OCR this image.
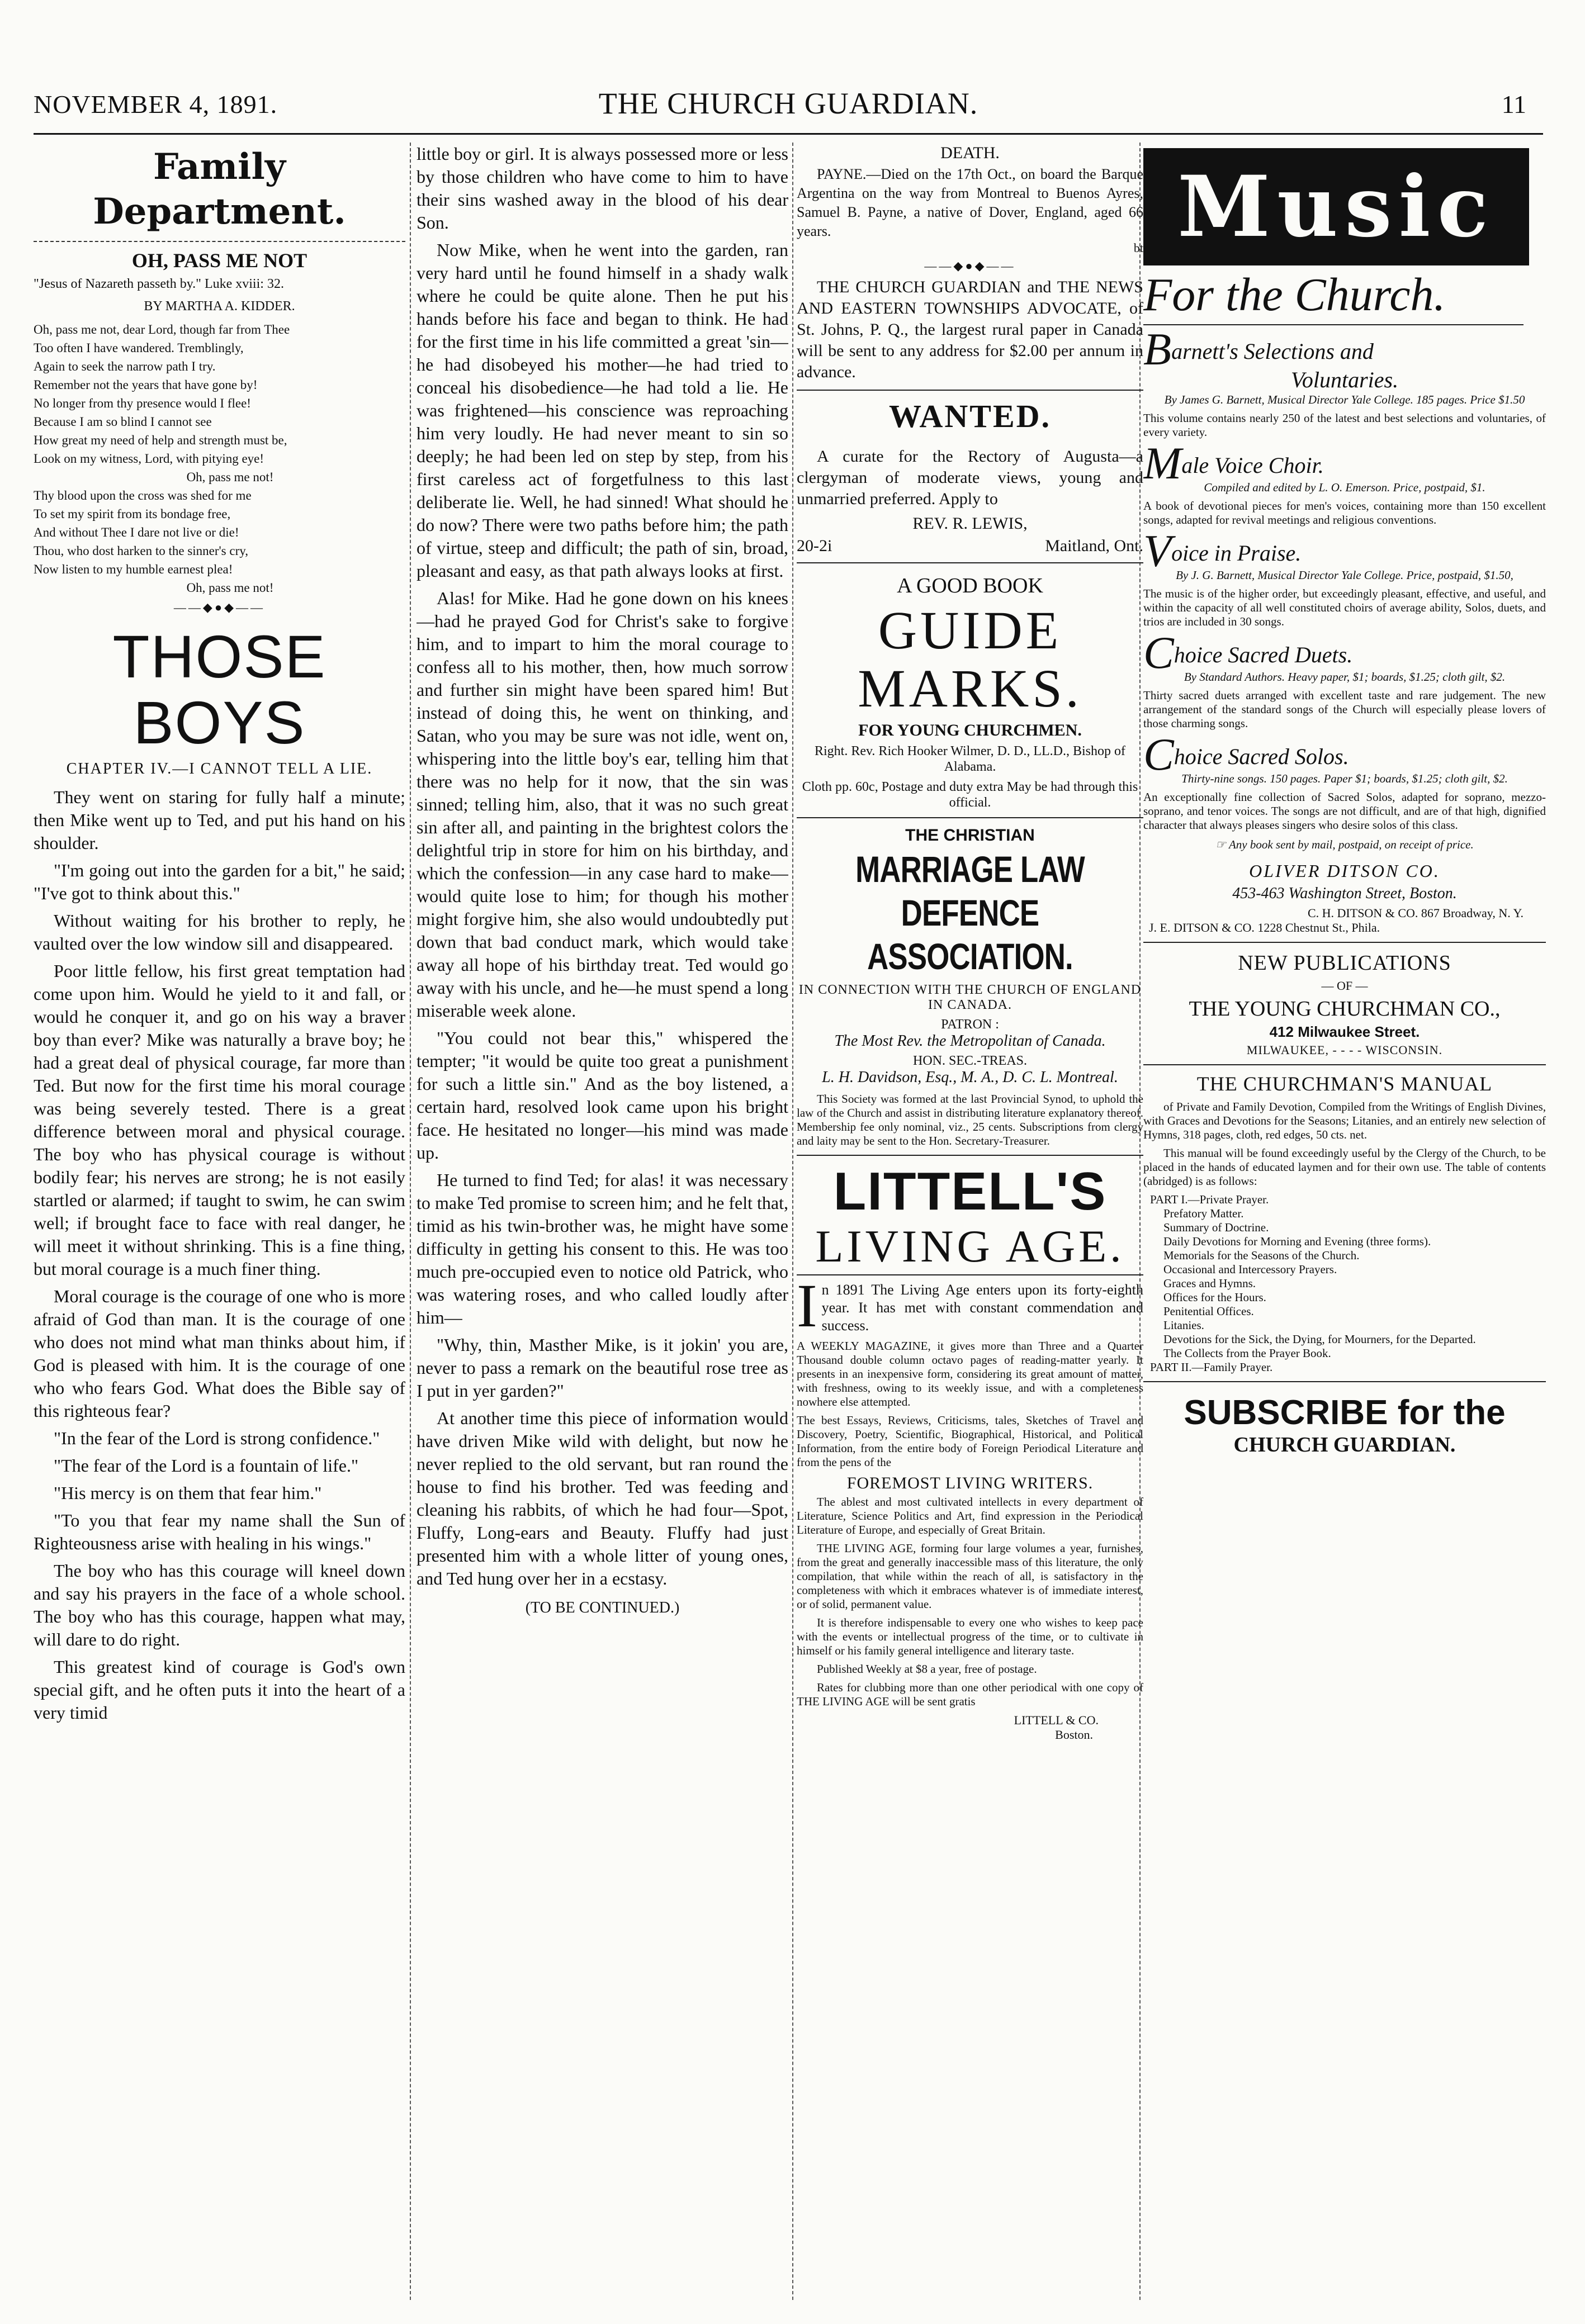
NOVEMBER 4, 1891.	THE CHURCH GUARDIAN.	11
Family Department.
OH, PASS ME NOT
"Jesus of Nazareth passeth by." Luke xviii: 32.
BY MARTHA A. KIDDER.
Oh, pass me not, dear Lord, though far from Thee
Too often I have wandered. Tremblingly,
Again to seek the narrow path I try.
Remember not the years that have gone by!
No longer from thy presence would I flee!
Because I am so blind I cannot see
How great my need of help and strength must be,
Look on my witness, Lord, with pitying eye!
Oh, pass me not!
Thy blood upon the cross was shed for me
To set my spirit from its bondage free,
And without Thee I dare not live or die!
Thou, who dost harken to the sinner's cry,
Now listen to my humble earnest plea!
Oh, pass me not!
——◆●◆——
THOSE BOYS
CHAPTER IV.—I CANNOT TELL A LIE.

They went on staring for fully half a minute; then Mike went up to Ted, and put his hand on his shoulder.

"I'm going out into the garden for a bit," he said; "I've got to think about this."

Without waiting for his brother to reply, he vaulted over the low window sill and disappeared.

Poor little fellow, his first great temptation had come upon him. Would he yield to it and fall, or would he conquer it, and go on his way a braver boy than ever? Mike was naturally a brave boy; he had a great deal of physical courage, far more than Ted. But now for the first time his moral courage was being severely tested. There is a great difference between moral and physical courage. The boy who has physical courage is without bodily fear; his nerves are strong; he is not easily startled or alarmed; if taught to swim, he can swim well; if brought face to face with real danger, he will meet it without shrinking. This is a fine thing, but moral courage is a much finer thing.

Moral courage is the courage of one who is more afraid of God than man. It is the courage of one who does not mind what man thinks about him, if God is pleased with him. It is the courage of one who who fears God. What does the Bible say of this righteous fear?

"In the fear of the Lord is strong confidence."

"The fear of the Lord is a fountain of life."

"His mercy is on them that fear him."

"To you that fear my name shall the Sun of Righteousness arise with healing in his wings."

The boy who has this courage will kneel down and say his prayers in the face of a whole school. The boy who has this courage, happen what may, will dare to do right.

This greatest kind of courage is God's own special gift, and he often puts it into the heart of a very timid

little boy or girl. It is always possessed more or less by those children who have come to him to have their sins washed away in the blood of his dear Son.

Now Mike, when he went into the garden, ran very hard until he found himself in a shady walk where he could be quite alone. Then he put his hands before his face and began to think. He had for the first time in his life committed a great 'sin—he had disobeyed his mother—he had tried to conceal his disobedience—he had told a lie. He was frightened—his conscience was reproaching him very loudly. He had never meant to sin so deeply; he had been led on step by step, from his first careless act of forgetfulness to this last deliberate lie. Well, he had sinned! What should he do now? There were two paths before him; the path of virtue, steep and difficult; the path of sin, broad, pleasant and easy, as that path always looks at first.

Alas! for Mike. Had he gone down on his knees—had he prayed God for Christ's sake to forgive him, and to impart to him the moral courage to confess all to his mother, then, how much sorrow and further sin might have been spared him! But instead of doing this, he went on thinking, and Satan, who you may be sure was not idle, went on, whispering into the little boy's ear, telling him that there was no help for it now, that the sin was sinned; telling him, also, that it was no such great sin after all, and painting in the brightest colors the delightful trip in store for him on his birthday, and which the confession—in any case hard to make—would quite lose to him; for though his mother might forgive him, she also would undoubtedly put down that bad conduct mark, which would take away all hope of his birthday treat. Ted would go away with his uncle, and he—he must spend a long miserable week alone.

"You could not bear this," whispered the tempter; "it would be quite too great a punishment for such a little sin." And as the boy listened, a certain hard, resolved look came upon his bright face. He hesitated no longer—his mind was made up.

He turned to find Ted; for alas! it was necessary to make Ted promise to screen him; and he felt that, timid as his twin-brother was, he might have some difficulty in getting his consent to this. He was too much pre-occupied even to notice old Patrick, who was watering roses, and who called loudly after him—

"Why, thin, Masther Mike, is it jokin' you are, never to pass a remark on the beautiful rose tree as I put in yer garden?"

At another time this piece of information would have driven Mike wild with delight, but now he never replied to the old servant, but ran round the house to find his brother. Ted was feeding and cleaning his rabbits, of which he had four—Spot, Fluffy, Long-ears and Beauty. Fluffy had just presented him with a whole litter of young ones, and Ted hung over her in a ecstasy.

(TO BE CONTINUED.)
DEATH.

PAYNE.—Died on the 17th Oct., on board the Barque Argentina on the way from Montreal to Buenos Ayres, Samuel B. Payne, a native of Dover, England, aged 66 years.

bt
——◆●◆——

THE CHURCH GUARDIAN and THE NEWS AND EASTERN TOWNSHIPS ADVOCATE, of St. Johns, P. Q., the largest rural paper in Canada will be sent to any address for $2.00 per annum in advance.

WANTED.

A curate for the Rectory of Augusta—a clergyman of moderate views, young and unmarried preferred. Apply to

REV. R. LEWIS,
20-2i	Maitland, Ont.
A GOOD BOOK
GUIDE MARKS.
FOR YOUNG CHURCHMEN.

Right. Rev. Rich Hooker Wilmer, D. D., LL.D., Bishop of Alabama.

Cloth pp. 60c, Postage and duty extra May be had through this official.

THE CHRISTIAN
MARRIAGE LAW DEFENCE
ASSOCIATION.
IN CONNECTION WITH THE CHURCH OF ENGLAND IN CANADA.
PATRON :
The Most Rev. the Metropolitan of Canada.
HON. SEC.-TREAS.
L. H. Davidson, Esq., M. A., D. C. L. Montreal.

This Society was formed at the last Provincial Synod, to uphold the law of the Church and assist in distributing literature explanatory thereof. Membership fee only nominal, viz., 25 cents. Subscriptions from clergy and laity may be sent to the Hon. Secretary-Treasurer.

LITTELL'S
LIVING AGE.

In 1891 The Living Age enters upon its forty-eighth year. It has met with constant commendation and success.

A WEEKLY MAGAZINE, it gives more than Three and a Quarter Thousand double column octavo pages of reading-matter yearly. It presents in an inexpensive form, considering its great amount of matter, with freshness, owing to its weekly issue, and with a completeness nowhere else attempted.

The best Essays, Reviews, Criticisms, tales, Sketches of Travel and Discovery, Poetry, Scientific, Biographical, Historical, and Political Information, from the entire body of Foreign Periodical Literature and from the pens of the

FOREMOST LIVING WRITERS.

The ablest and most cultivated intellects in every department of Literature, Science Politics and Art, find expression in the Periodical Literature of Europe, and especially of Great Britain.

THE LIVING AGE, forming four large volumes a year, furnishes, from the great and generally inaccessible mass of this literature, the only compilation, that while within the reach of all, is satisfactory in the completeness with which it embraces whatever is of immediate interest, or of solid, permanent value.

It is therefore indispensable to every one who wishes to keep pace with the events or intellectual progress of the time, or to cultivate in himself or his family general intelligence and literary taste.

Published Weekly at $8 a year, free of postage.

Rates for clubbing more than one other periodical with one copy of THE LIVING AGE will be sent gratis

LITTELL & CO.
Boston.
Music
For the Church.
Barnett's Selections and
Voluntaries.

By James G. Barnett, Musical Director Yale College. 185 pages. Price $1.50

This volume contains nearly 250 of the latest and best selections and voluntaries, of every variety.

Male Voice Choir.

Compiled and edited by L. O. Emerson. Price, postpaid, $1.

A book of devotional pieces for men's voices, containing more than 150 excellent songs, adapted for revival meetings and religious conventions.

Voice in Praise.

By J. G. Barnett, Musical Director Yale College. Price, postpaid, $1.50,

The music is of the higher order, but exceedingly pleasant, effective, and useful, and within the capacity of all well constituted choirs of average ability, Solos, duets, and trios are included in 30 songs.

Choice Sacred Duets.

By Standard Authors. Heavy paper, $1; boards, $1.25; cloth gilt, $2.

Thirty sacred duets arranged with excellent taste and rare judgement. The new arrangement of the standard songs of the Church will especially please lovers of those charming songs.

Choice Sacred Solos.

Thirty-nine songs. 150 pages. Paper $1; boards, $1.25; cloth gilt, $2.

An exceptionally fine collection of Sacred Solos, adapted for soprano, mezzo-soprano, and tenor voices. The songs are not difficult, and are of that high, dignified character that always pleases singers who desire solos of this class.

☞ Any book sent by mail, postpaid, on receipt of price.

OLIVER DITSON CO.
453-463 Washington Street, Boston.
C. H. DITSON & CO. 867 Broadway, N. Y.
J. E. DITSON & CO. 1228 Chestnut St., Phila.
NEW PUBLICATIONS
— OF —
THE YOUNG CHURCHMAN CO.,
412 Milwaukee Street.
MILWAUKEE, - - - - WISCONSIN.
THE CHURCHMAN'S MANUAL

of Private and Family Devotion, Compiled from the Writings of English Divines, with Graces and Devotions for the Seasons; Litanies, and an entirely new selection of Hymns, 318 pages, cloth, red edges, 50 cts. net.

This manual will be found exceedingly useful by the Clergy of the Church, to be placed in the hands of educated laymen and for their own use. The table of contents (abridged) is as follows:

PART I.—Private Prayer.
Prefatory Matter.
Summary of Doctrine.
Daily Devotions for Morning and Evening (three forms).
Memorials for the Seasons of the Church.
Occasional and Intercessory Prayers.
Graces and Hymns.
Offices for the Hours.
Penitential Offices.
Litanies.
Devotions for the Sick, the Dying, for Mourners, for the Departed.
The Collects from the Prayer Book.
PART II.—Family Prayer.
SUBSCRIBE for the
CHURCH GUARDIAN.
